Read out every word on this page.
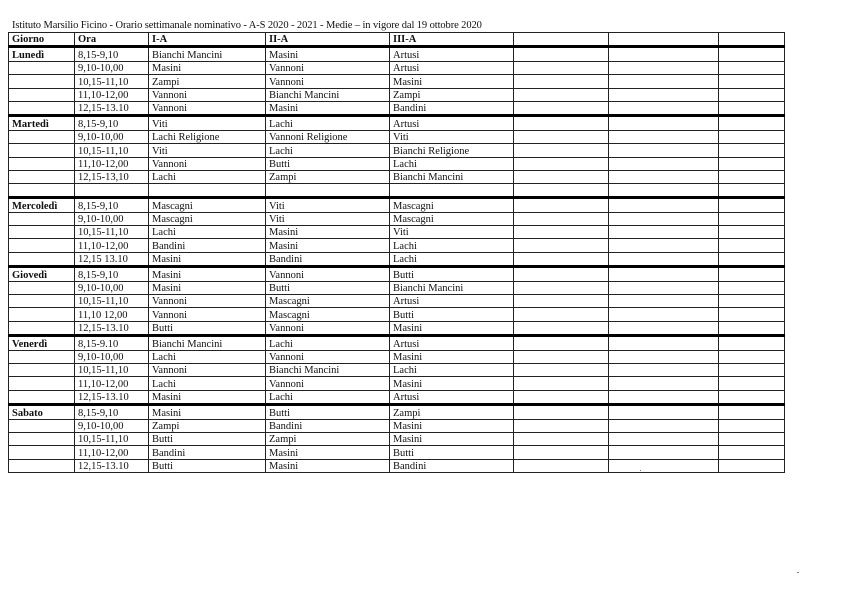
Istituto Marsilio Ficino - Orario settimanale nominativo - A-S 2020 - 2021 - Medie – in vigore dal 19 ottobre 2020
Giorno	Ora	I-A	II-A	III-A			
Lunedì	8,15-9,10	Bianchi Mancini	Masini	Artusi			
	9,10-10,00	Masini	Vannoni	Artusi			
	10,15-11,10	Zampi	Vannoni	Masini			
	11,10-12,00	Vannoni	Bianchi Mancini	Zampi			
	12,15-13.10	Vannoni	Masini	Bandini			
Martedì	8,15-9,10	Viti	Lachi	Artusi			
	9,10-10,00	Lachi Religione	Vannoni Religione	Viti			
	10,15-11,10	Viti	Lachi	Bianchi Religione			
	11,10-12,00	Vannoni	Butti	Lachi			
	12,15-13,10	Lachi	Zampi	Bianchi Mancini			

Mercoledì	8,15-9,10	Mascagni	Viti	Mascagni			
	9,10-10,00	Mascagni	Viti	Mascagni			
	10,15-11,10	Lachi	Masini	Viti			
	11,10-12,00	Bandini	Masini	Lachi			
	12,15 13.10	Masini	Bandini	Lachi			
Giovedì	8,15-9,10	Masini	Vannoni	Butti			
	9,10-10,00	Masini	Butti	Bianchi Mancini			
	10,15-11,10	Vannoni	Mascagni	Artusi			
	11,10 12,00	Vannoni	Mascagni	Butti			
	12,15-13.10	Butti	Vannoni	Masini			
Venerdì	8,15-9.10	Bianchi Mancini	Lachi	Artusi			
	9,10-10,00	Lachi	Vannoni	Masini			
	10,15-11,10	Vannoni	Bianchi Mancini	Lachi			
	11,10-12,00	Lachi	Vannoni	Masini			
	12,15-13.10	Masini	Lachi	Artusi			
Sabato	8,15-9,10	Masini	Butti	Zampi			
	9,10-10,00	Zampi	Bandini	Masini			
	10,15-11,10	Butti	Zampi	Masini			
	11,10-12,00	Bandini	Masini	Butti			
	12,15-13.10	Butti	Masini	Bandini			
